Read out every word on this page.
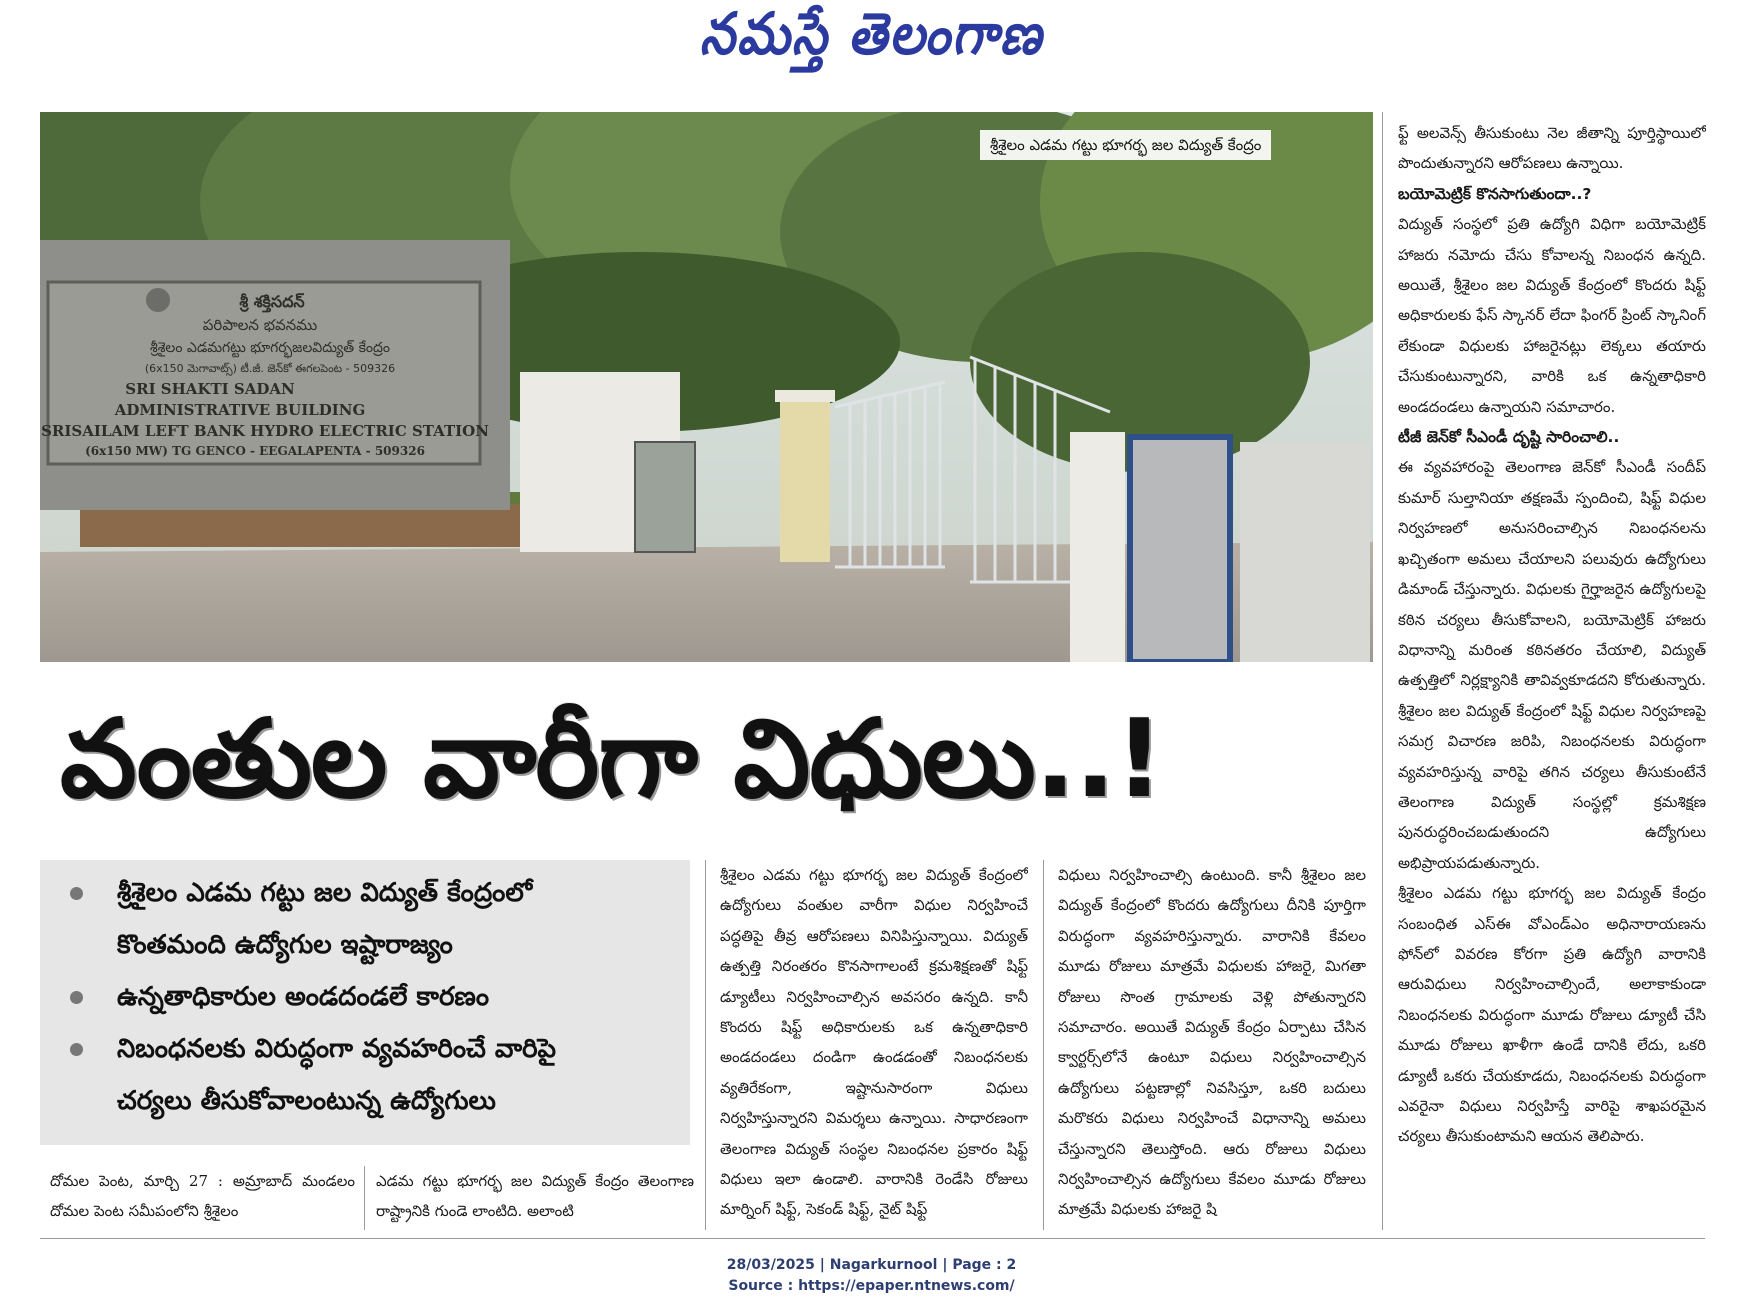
నమస్తే తెలంగాణ
శ్రీ శక్తిసదన్
పరిపాలన భవనము
శ్రీశైలం ఎడమగట్టు భూగర్భజలవిద్యుత్ కేంద్రం
(6x150 మెగావాట్స్) టీ.జీ. జెన్‌కో ఈగలపెంట - 509326
SRI SHAKTI SADAN
ADMINISTRATIVE BUILDING
SRISAILAM LEFT BANK HYDRO ELECTRIC STATION
(6x150 MW) TG GENCO - EEGALAPENTA - 509326
శ్రీశైలం ఎడమ గట్టు భూగర్భ జల విద్యుత్ కేంద్రం
వంతుల వారీగా విధులు..!
శ్రీశైలం ఎడమ గట్టు జల విద్యుత్ కేంద్రంలో
కొంతమంది ఉద్యోగుల ఇష్టారాజ్యం
ఉన్నతాధికారుల అండదండలే కారణం
నిబంధనలకు విరుద్ధంగా వ్యవహరించే వారిపై
చర్యలు తీసుకోవాలంటున్న ఉద్యోగులు

దోమల పెంట, మార్చి 27 : అమ్రాబాద్ మండలం దోమల పెంట సమీపంలోని శ్రీశైలం

ఎడమ గట్టు భూగర్భ జల విద్యుత్ కేంద్రం తెలంగాణ రాష్ట్రానికి గుండె లాంటిది. అలాంటి

శ్రీశైలం ఎడమ గట్టు భూగర్భ జల విద్యుత్ కేంద్రంలో ఉద్యోగులు వంతుల వారీగా విధుల నిర్వహించే పద్ధతిపై తీవ్ర ఆరోపణలు వినిపిస్తున్నాయి. విద్యుత్ ఉత్పత్తి నిరంతరం కొనసాగాలంటే క్రమశిక్షణతో షిఫ్ట్ డ్యూటీలు నిర్వహించాల్సిన అవసరం ఉన్నది. కానీ కొందరు షిఫ్ట్ అధికారులకు ఒక ఉన్నతాధికారి అండదండలు దండిగా ఉండడంతో నిబంధనలకు వ్యతిరేకంగా, ఇష్టానుసారంగా విధులు నిర్వహిస్తున్నారని విమర్శలు ఉన్నాయి. సాధారణంగా తెలంగాణ విద్యుత్ సంస్థల నిబంధనల ప్రకారం షిఫ్ట్ విధులు ఇలా ఉండాలి. వారానికి రెండేసి రోజులు మార్నింగ్ షిఫ్ట్, సెకండ్ షిఫ్ట్, నైట్ షిఫ్ట్

విధులు నిర్వహించాల్సి ఉంటుంది. కానీ శ్రీశైలం జల విద్యుత్ కేంద్రంలో కొందరు ఉద్యోగులు దీనికి పూర్తిగా విరుద్ధంగా వ్యవహరిస్తున్నారు. వారానికి కేవలం మూడు రోజులు మాత్రమే విధులకు హాజరై, మిగతా రోజులు సొంత గ్రామాలకు వెళ్లి పోతున్నారని సమాచారం. అయితే విద్యుత్ కేంద్రం ఏర్పాటు చేసిన క్వార్టర్స్‌లోనే ఉంటూ విధులు నిర్వహించాల్సిన ఉద్యోగులు పట్టణాల్లో నివసిస్తూ, ఒకరి బదులు మరొకరు విధులు నిర్వహించే విధానాన్ని అమలు చేస్తున్నారని తెలుస్తోంది. ఆరు రోజులు విధులు నిర్వహించాల్సిన ఉద్యోగులు కేవలం మూడు రోజులు మాత్రమే విధులకు హాజరై షి

ఫ్ట్ అలవెన్స్ తీసుకుంటు నెల జీతాన్ని పూర్తిస్థాయిలో పొందుతున్నారని ఆరోపణలు ఉన్నాయి.

బయోమెట్రిక్ కొనసాగుతుందా..?

విద్యుత్ సంస్థలో ప్రతి ఉద్యోగి విధిగా బయోమెట్రిక్ హాజరు నమోదు చేసు కోవాలన్న నిబంధన ఉన్నది. అయితే, శ్రీశైలం జల విద్యుత్ కేంద్రంలో కొందరు షిఫ్ట్ అధికారులకు ఫేస్ స్కానర్ లేదా ఫింగర్ ప్రింట్ స్కానింగ్ లేకుండా విధులకు హాజరైనట్లు లెక్కలు తయారు చేసుకుంటున్నారని, వారికి ఒక ఉన్నతాధికారి అండదండలు ఉన్నాయని సమాచారం.

టీజీ జెన్‌కో సీఎండీ దృష్టి సారించాలి..

ఈ వ్యవహారంపై తెలంగాణ జెన్‌కో సీఎండీ సందీప్ కుమార్ సుల్తానియా తక్షణమే స్పందించి, షిఫ్ట్ విధుల నిర్వహణలో అనుసరించాల్సిన నిబంధనలను ఖచ్చితంగా అమలు చేయాలని పలువురు ఉద్యోగులు డిమాండ్ చేస్తున్నారు. విధులకు గైర్హాజరైన ఉద్యోగులపై కఠిన చర్యలు తీసుకోవాలని, బయోమెట్రిక్ హాజరు విధానాన్ని మరింత కఠినతరం చేయాలి, విద్యుత్ ఉత్పత్తిలో నిర్లక్ష్యానికి తావివ్వకూడదని కోరుతున్నారు. శ్రీశైలం జల విద్యుత్ కేంద్రంలో షిఫ్ట్ విధుల నిర్వహణపై సమగ్ర విచారణ జరిపి, నిబంధనలకు విరుద్ధంగా వ్యవహరిస్తున్న వారిపై తగిన చర్యలు తీసుకుంటేనే తెలంగాణ విద్యుత్ సంస్థల్లో క్రమశిక్షణ పునరుద్ధరించబడుతుందని ఉద్యోగులు అభిప్రాయపడుతున్నారు.

శ్రీశైలం ఎడమ గట్టు భూగర్భ జల విద్యుత్ కేంద్రం సంబంధిత ఎస్ఈ వోఎండ్ఎం అధినారాయణను ఫోన్‌లో వివరణ కోరగా ప్రతి ఉద్యోగి వారానికి ఆరువిధులు నిర్వహించాల్సిందే, అలాకాకుండా నిబంధనలకు విరుద్ధంగా మూడు రోజులు డ్యూటీ చేసి మూడు రోజులు ఖాళీగా ఉండే దానికి లేదు, ఒకరి డ్యూటీ ఒకరు చేయకూడదు, నిబంధనలకు విరుద్ధంగా ఎవరైనా విధులు నిర్వహిస్తే వారిపై శాఖపరమైన చర్యలు తీసుకుంటామని ఆయన తెలిపారు.

28/03/2025 | Nagarkurnool | Page : 2
Source : https://epaper.ntnews.com/
